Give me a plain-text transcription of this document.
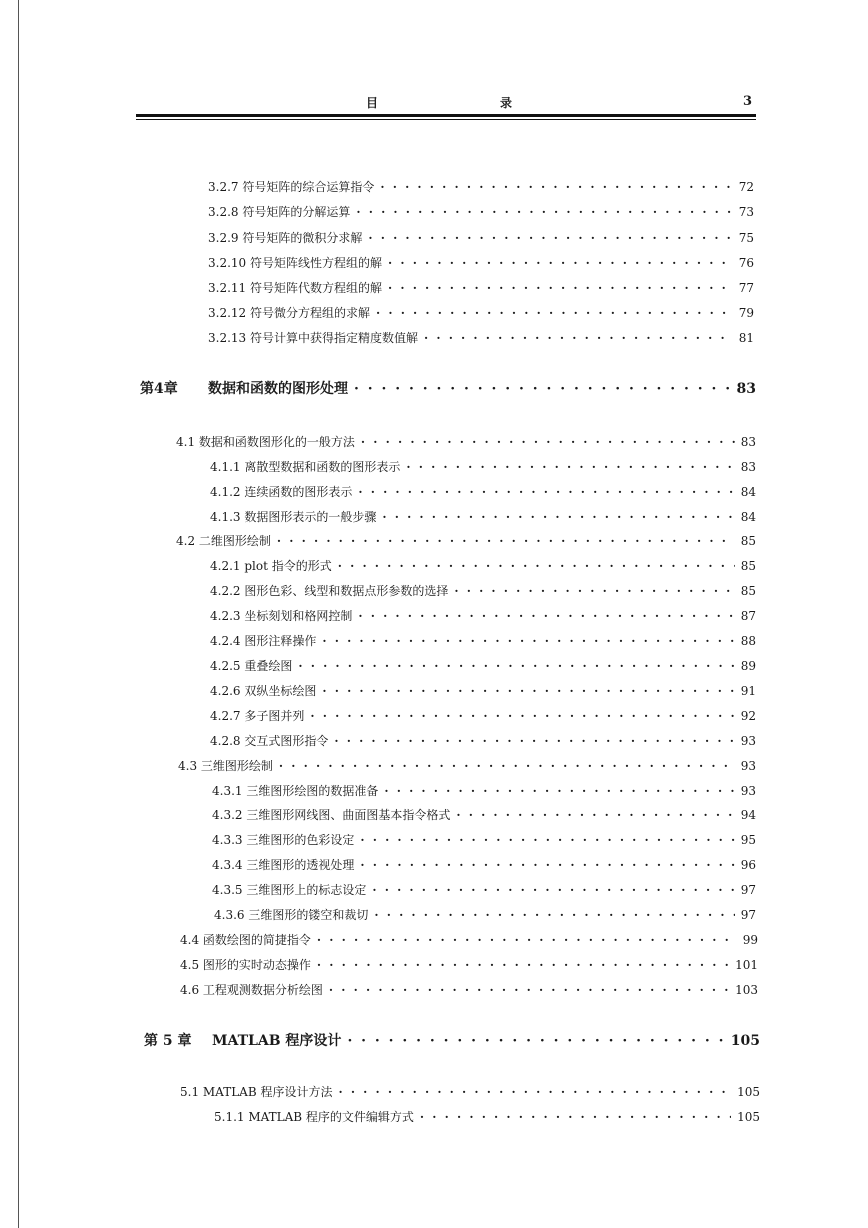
目	录	3
3.2.7 符号矩阵的综合运算指令 · · ·	72
3.2.8 符号矩阵的分解运算 · · ·	73
3.2.9 符号矩阵的微积分求解 · · ·	75
3.2.10 符号矩阵线性方程组的解 · · ·	76
3.2.11 符号矩阵代数方程组的解 · · ·	77
3.2.12 符号微分方程组的求解 · · ·	79
3.2.13 符号计算中获得指定精度数值解 · · ·	81
第4章	数据和函数的图形处理 · · ·	83
4.1 数据和函数图形化的一般方法 · · ·	83
4.1.1 离散型数据和函数的图形表示 · · ·	83
4.1.2 连续函数的图形表示 · · ·	84
4.1.3 数据图形表示的一般步骤 · · ·	84
4.2 二维图形绘制 · · ·	85
4.2.1 plot 指令的形式 · · ·	85
4.2.2 图形色彩、线型和数据点形参数的选择 · · ·	85
4.2.3 坐标刻划和格网控制 · · ·	87
4.2.4 图形注释操作 · · ·	88
4.2.5 重叠绘图 · · ·	89
4.2.6 双纵坐标绘图 · · ·	91
4.2.7 多子图并列 · · ·	92
4.2.8 交互式图形指令 · · ·	93
4.3 三维图形绘制 · · ·	93
4.3.1 三维图形绘图的数据准备 · · ·	93
4.3.2 三维图形网线图、曲面图基本指令格式 · · ·	94
4.3.3 三维图形的色彩设定 · · ·	95
4.3.4 三维图形的透视处理 · · ·	96
4.3.5 三维图形上的标志设定 · · ·	97
4.3.6 三维图形的镂空和裁切 · · ·	97
4.4 函数绘图的简捷指令 · · ·	99
4.5 图形的实时动态操作 · · ·	101
4.6 工程观测数据分析绘图 · · ·	103
第 5 章	MATLAB 程序设计 · · ·	105
5.1 MATLAB 程序设计方法 · · ·	105
5.1.1 MATLAB 程序的文件编辑方式 · · ·	105
